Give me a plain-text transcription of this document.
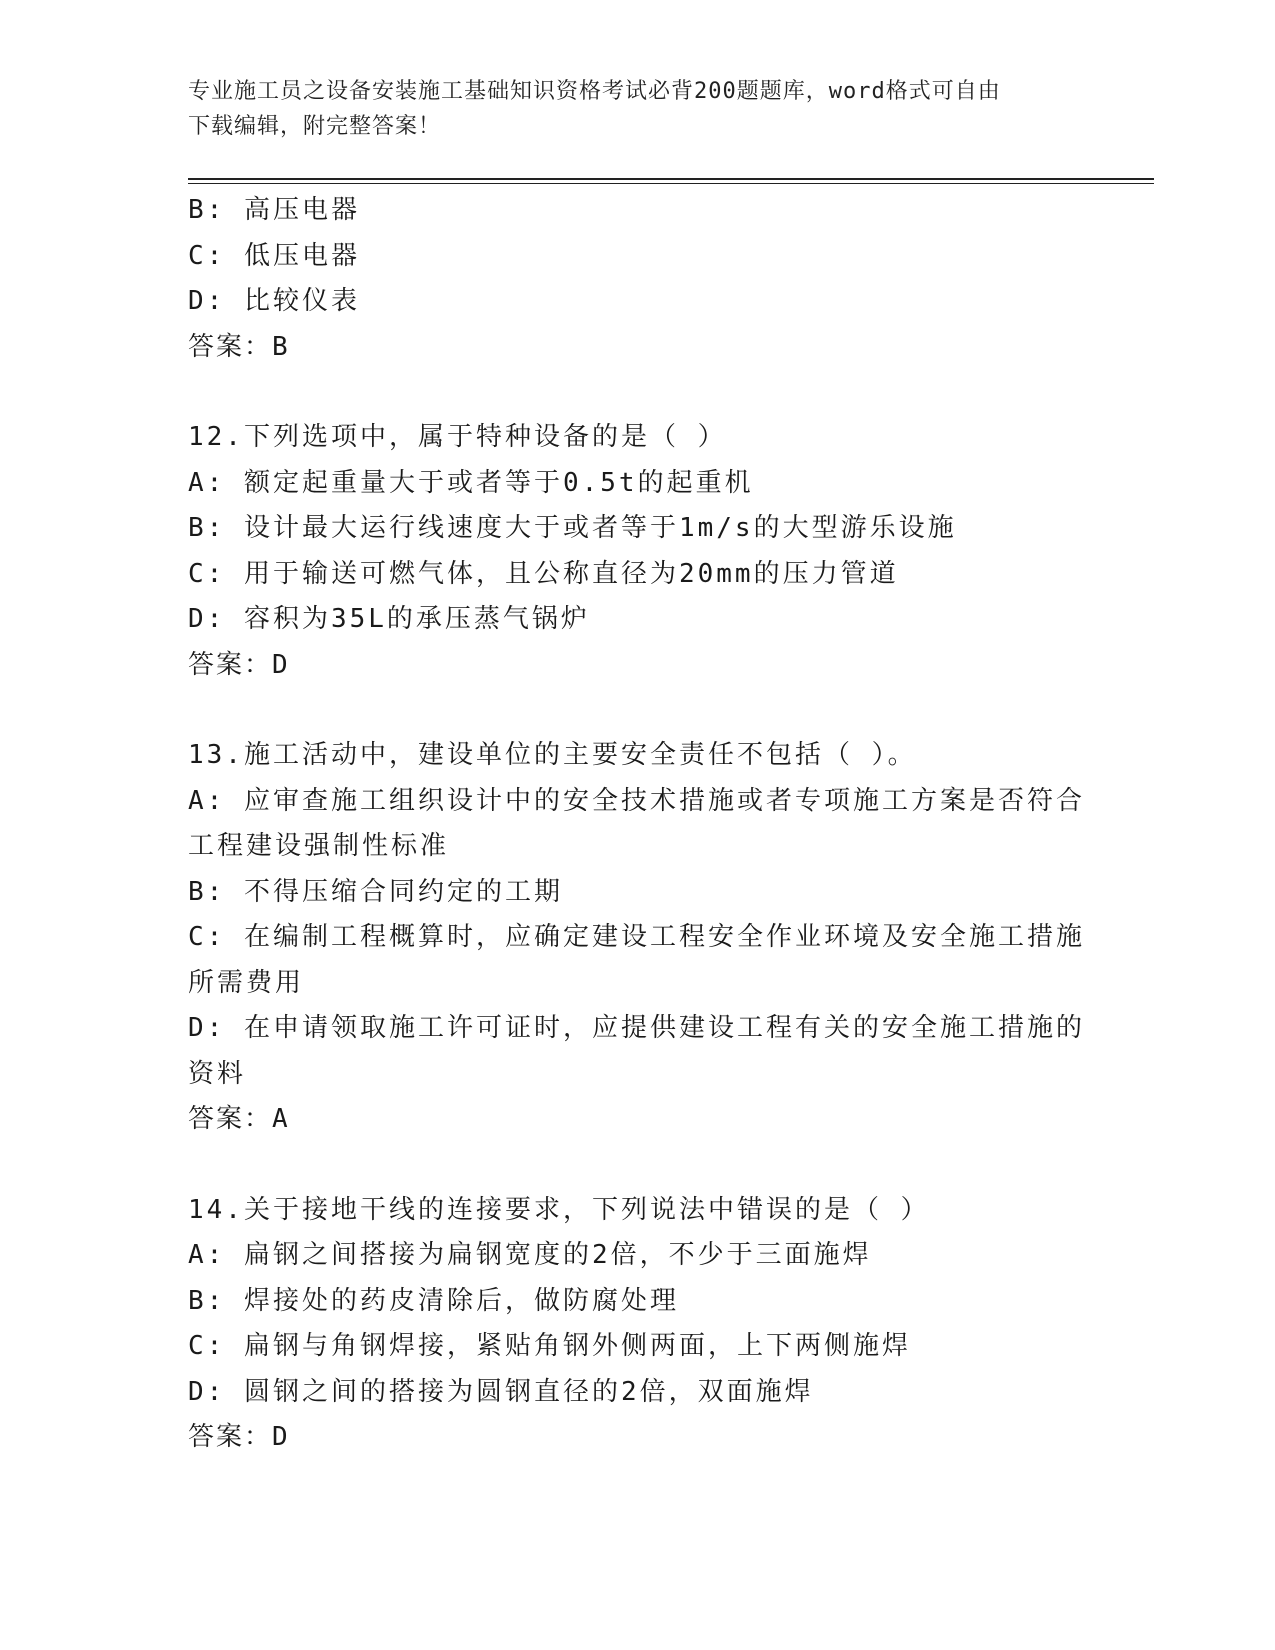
专业施工员之设备安装施工基础知识资格考试必背200题题库，word格式可自由
下载编辑，附完整答案！
B: 高压电器
C: 低压电器
D: 比较仪表
答案：B
12.下列选项中，属于特种设备的是（ ）
A: 额定起重量大于或者等于0.5t的起重机
B: 设计最大运行线速度大于或者等于1m/s的大型游乐设施
C: 用于输送可燃气体，且公称直径为20mm的压力管道
D: 容积为35L的承压蒸气锅炉
答案：D
13.施工活动中，建设单位的主要安全责任不包括（ ）。
A: 应审查施工组织设计中的安全技术措施或者专项施工方案是否符合工程建设强制性标准
B: 不得压缩合同约定的工期
C: 在编制工程概算时，应确定建设工程安全作业环境及安全施工措施所需费用
D: 在申请领取施工许可证时，应提供建设工程有关的安全施工措施的资料
答案：A
14.关于接地干线的连接要求，下列说法中错误的是（ ）
A: 扁钢之间搭接为扁钢宽度的2倍，不少于三面施焊
B: 焊接处的药皮清除后，做防腐处理
C: 扁钢与角钢焊接，紧贴角钢外侧两面，上下两侧施焊
D: 圆钢之间的搭接为圆钢直径的2倍，双面施焊
答案：D
